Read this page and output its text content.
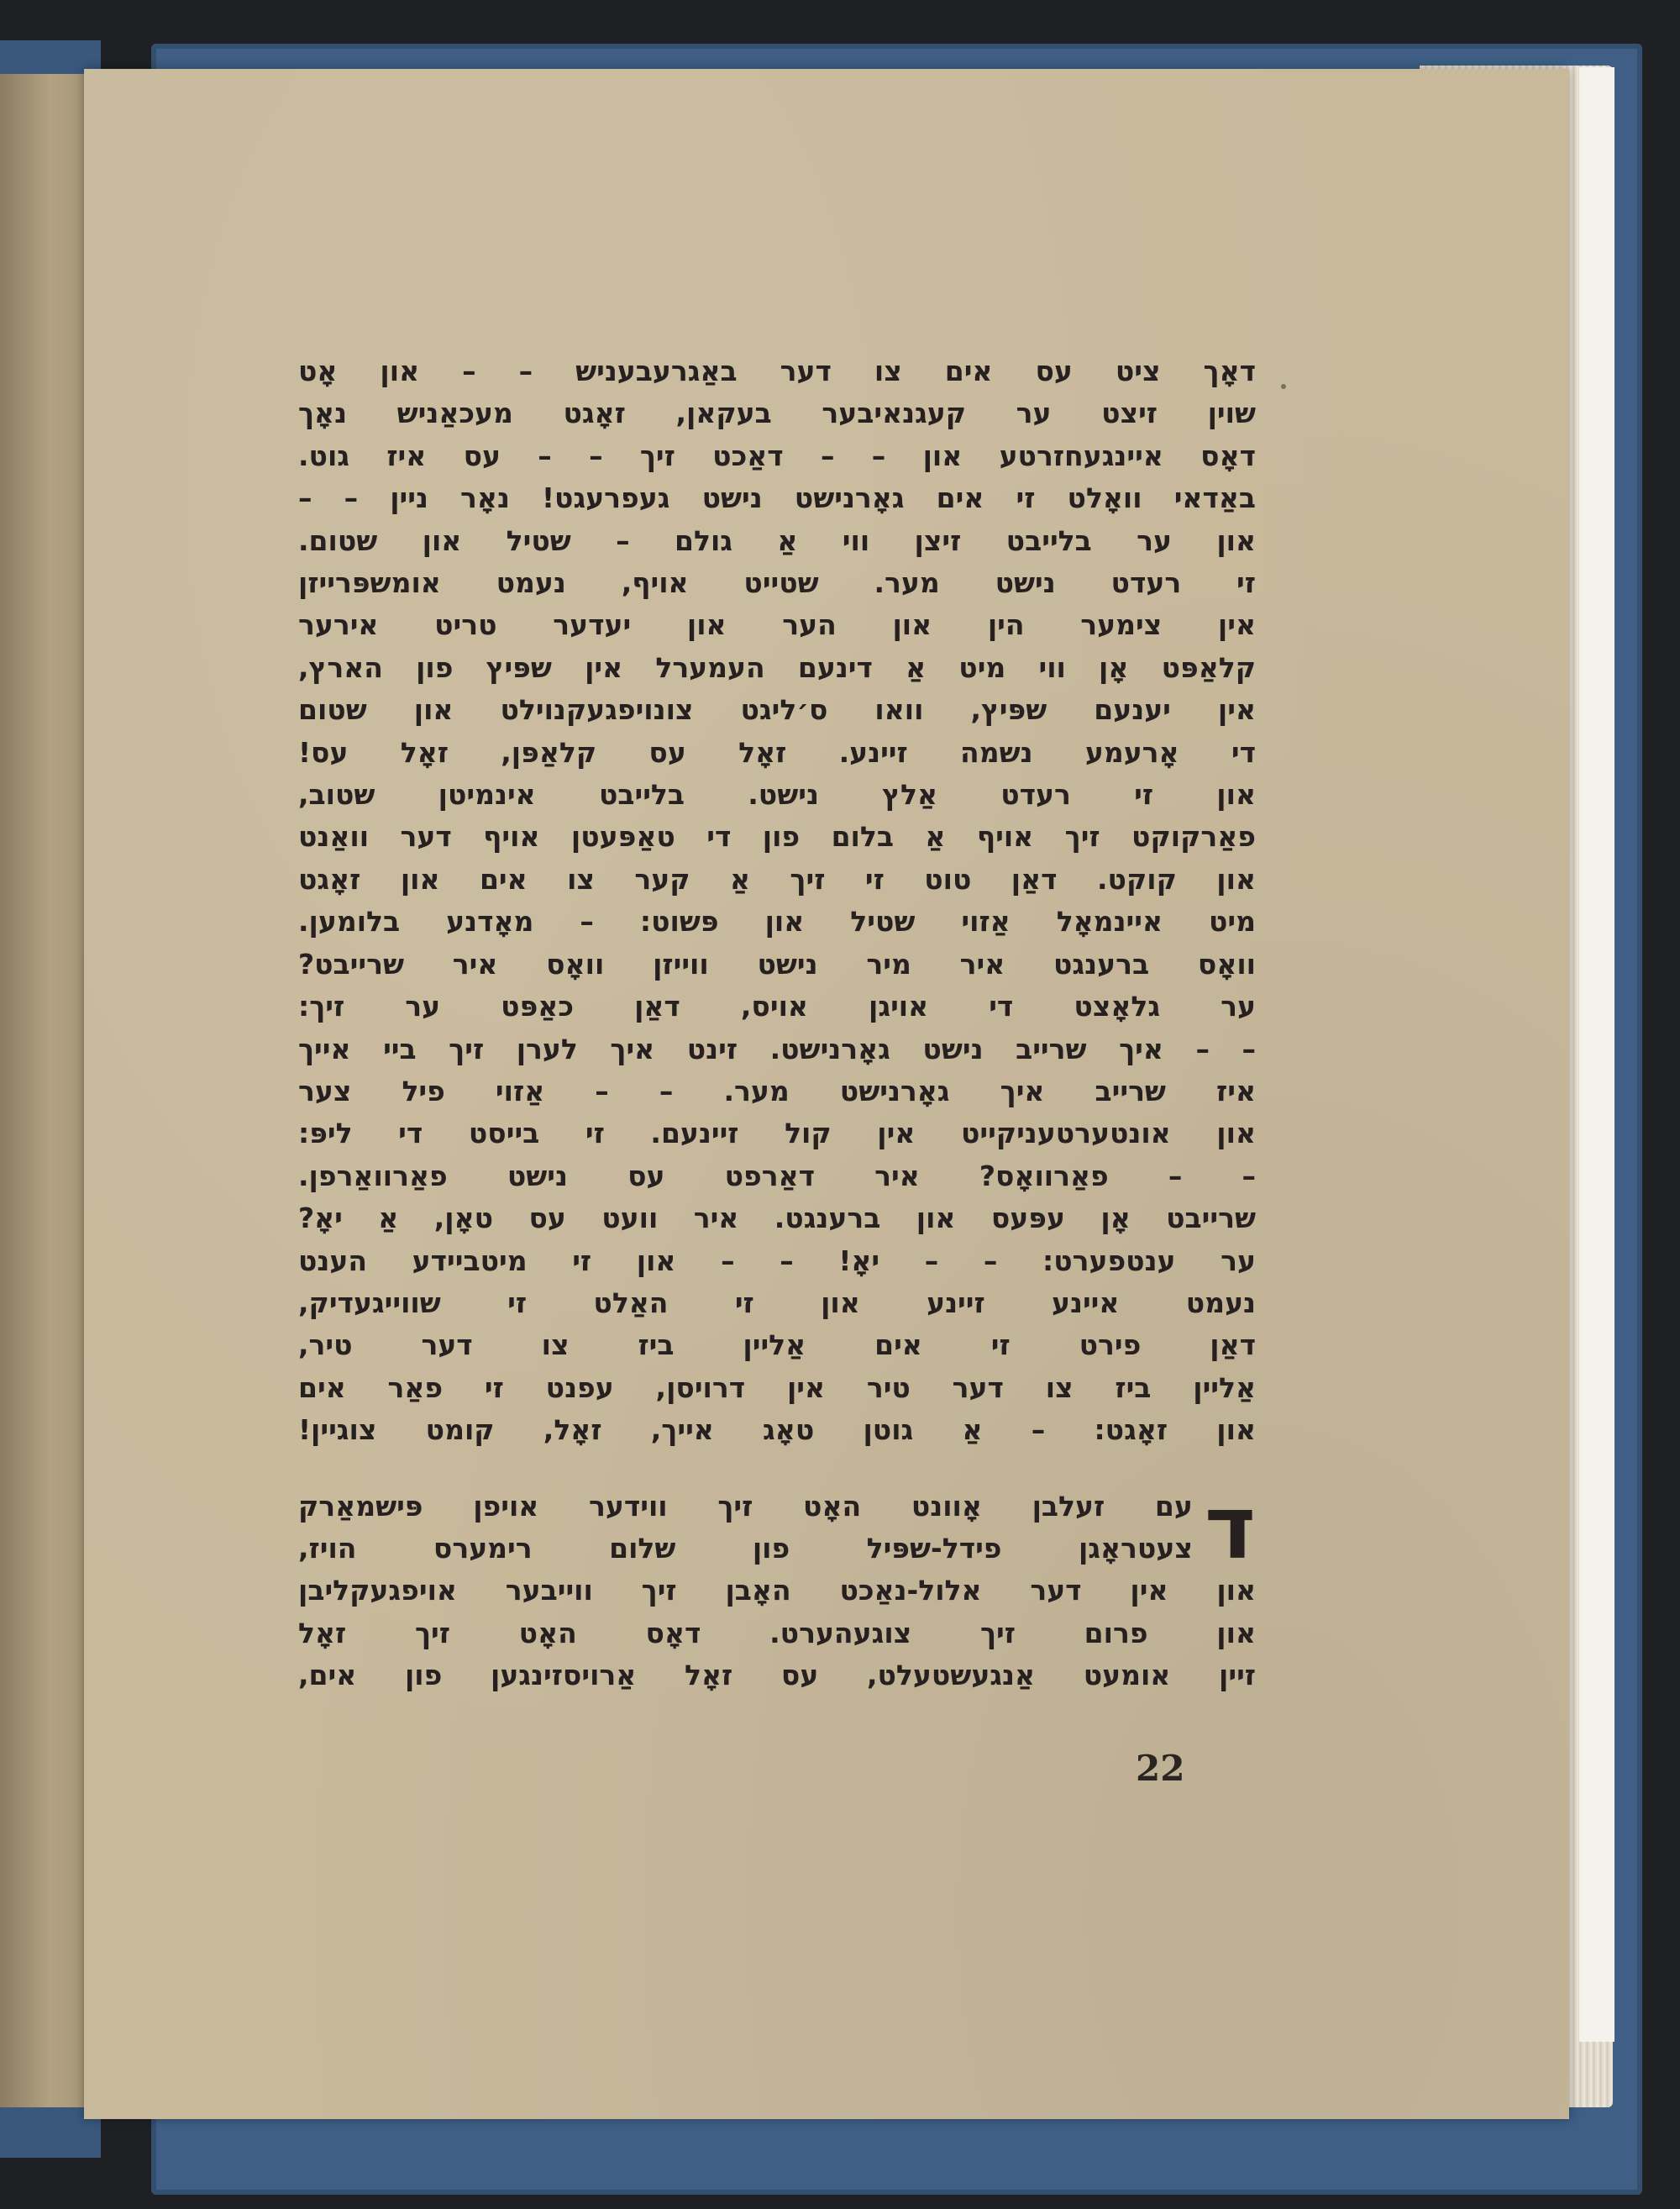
דאָך ציט עס אים צו דער באַגרעבעניש – – און אָט
שוין זיצט ער קעגנאיבער בעקאן, זאָגט מעכאַניש נאָך
דאָס איינגעחזרטע און – – דאַכט זיך – – עס איז גוט.
באַדאי וואָלט זי אים גאָרנישט נישט געפרעגט! נאָר ניין – –
און ער בלייבט זיצן ווי אַ גולם – שטיל און שטום.
זי רעדט נישט מער. שטייט אויף, נעמט אומשפּרייזן
אין צימער הין און הער און יעדער טריט אירער
קלאַפּט אָן ווי מיט אַ דינעם העמערל אין שפּיץ פון הארץ,
אין יענעם שפּיץ, וואו ס׳ליגט צונויפגעקנוילט און שטום
די אָרעמע נשמה זיינע. זאָל עס קלאַפּן, זאָל עס!
און זי רעדט אַלץ נישט. בלייבט אינמיטן שטוב,
פאַרקוקט זיך אויף אַ בלום פון די טאַפּעטן אויף דער וואַנט
און קוקט. דאַן טוט זי זיך אַ קער צו אים און זאָגט
מיט איינמאָל אַזוי שטיל און פּשוט: – מאָדנע בלומען.
וואָס ברענגט איר מיר נישט ווייזן וואָס איר שרייבט?
ער גלאָצט די אויגן אויס, דאַן כאַפּט ער זיך:
– – איך שרייב נישט גאָרנישט. זינט איך לערן זיך ביי אייך
איז שרייב איך גאָרנישט מער. – – אַזוי פיל צער
און אונטערטעניקייט אין קול זיינעם. זי בייסט די ליפּ:
– – פאַרוואָס? איר דאַרפט עס נישט פאַרוואַרפן.
שרייבט אָן עפּעס און ברענגט. איר וועט עס טאָן, אַ יאָ?
ער ענטפערט: – – יאָ! – – און זי מיטביידע הענט
נעמט איינע זיינע און זי האַלט זי שווייגעדיק,
דאַן פירט זי אים אַליין ביז צו דער טיר,
אַליין ביז צו דער טיר אין דרויסן, עפנט זי פאַר אים
און זאָגט: – אַ גוטן טאָג אייך, זאָל, קומט צוגיין!
ד
עם זעלבן אָוונט האָט זיך ווידער אויפן פּישמאַרק
צעטראָגן פידל-שפּיל פון שלום רימערס הויז,
און אין דער אלול-נאַכט האָבן זיך ווייבער אויפגעקליבן
און פרום זיך צוגעהערט. דאָס האָט זיך זאָל
זיין אומעט אַנגעשטעלט, עס זאָל אַרויסזינגען פון אים,
22
